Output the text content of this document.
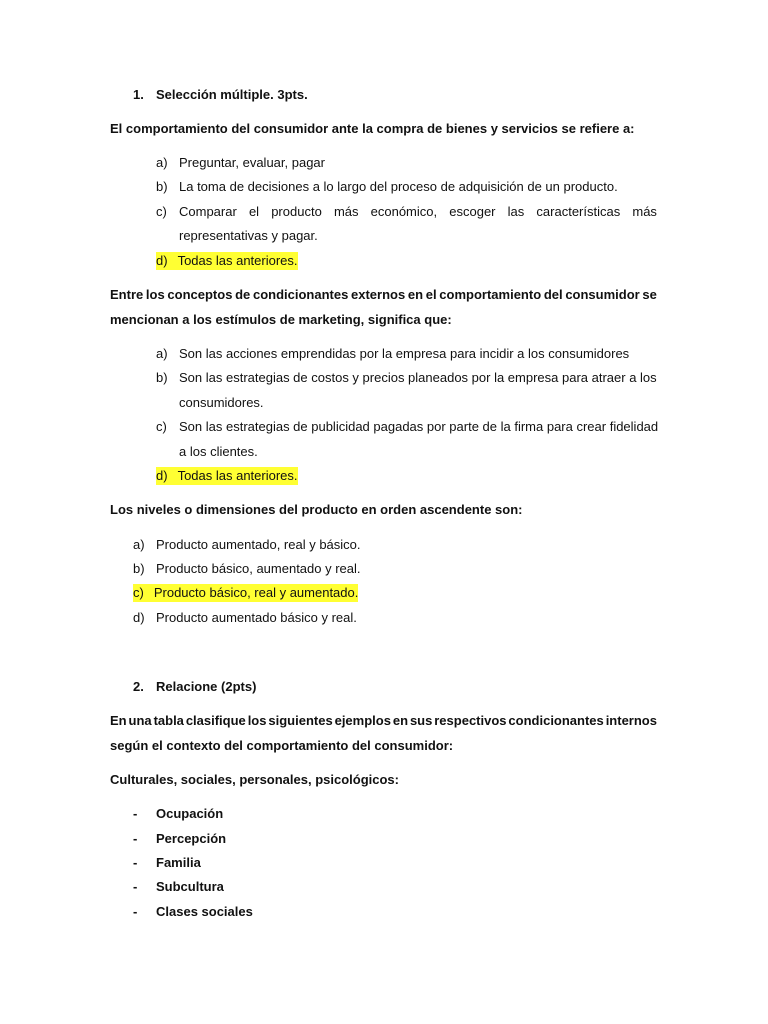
1. Selección múltiple. 3pts.
El comportamiento del consumidor ante la compra de bienes y servicios se refiere a:
a) Preguntar, evaluar, pagar
b) La toma de decisiones a lo largo del proceso de adquisición de un producto.
c) Comparar el producto más económico, escoger las características más
representativas y pagar.
d) Todas las anteriores.
Entre los conceptos de condicionantes externos en el comportamiento del consumidor se
mencionan a los estímulos de marketing, significa que:
a) Son las acciones emprendidas por la empresa para incidir a los consumidores
b) Son las estrategias de costos y precios planeados por la empresa para atraer a los
consumidores.
c) Son las estrategias de publicidad pagadas por parte de la firma para crear fidelidad
a los clientes.
d) Todas las anteriores.
Los niveles o dimensiones del producto en orden ascendente son:
a) Producto aumentado, real y básico.
b) Producto básico, aumentado y real.
c) Producto básico, real y aumentado.
d) Producto aumentado básico y real.
2. Relacione (2pts)
En una tabla clasifique los siguientes ejemplos en sus respectivos condicionantes internos
según el contexto del comportamiento del consumidor:
Culturales, sociales, personales, psicológicos:
- Ocupación
- Percepción
- Familia
- Subcultura
- Clases sociales
